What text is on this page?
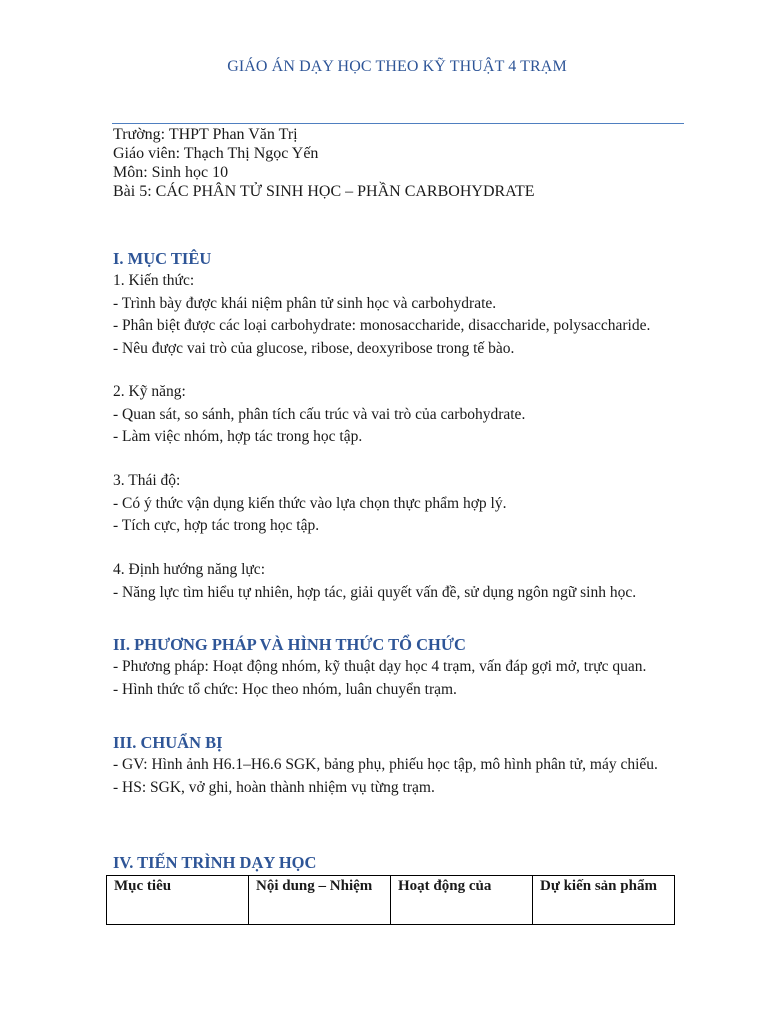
GIÁO ÁN DẠY HỌC THEO KỸ THUẬT 4 TRẠM
Trường: THPT Phan Văn Trị
Giáo viên: Thạch Thị Ngọc Yến
Môn: Sinh học 10
Bài 5: CÁC PHÂN TỬ SINH HỌC – PHẦN CARBOHYDRATE
I. MỤC TIÊU
1. Kiến thức:
- Trình bày được khái niệm phân tử sinh học và carbohydrate.
- Phân biệt được các loại carbohydrate: monosaccharide, disaccharide, polysaccharide.
- Nêu được vai trò của glucose, ribose, deoxyribose trong tế bào.
2. Kỹ năng:
- Quan sát, so sánh, phân tích cấu trúc và vai trò của carbohydrate.
- Làm việc nhóm, hợp tác trong học tập.
3. Thái độ:
- Có ý thức vận dụng kiến thức vào lựa chọn thực phẩm hợp lý.
- Tích cực, hợp tác trong học tập.
4. Định hướng năng lực:
- Năng lực tìm hiểu tự nhiên, hợp tác, giải quyết vấn đề, sử dụng ngôn ngữ sinh học.
II. PHƯƠNG PHÁP VÀ HÌNH THỨC TỔ CHỨC
- Phương pháp: Hoạt động nhóm, kỹ thuật dạy học 4 trạm, vấn đáp gợi mở, trực quan.
- Hình thức tổ chức: Học theo nhóm, luân chuyển trạm.
III. CHUẨN BỊ
- GV: Hình ảnh H6.1–H6.6 SGK, bảng phụ, phiếu học tập, mô hình phân tử, máy chiếu.
- HS: SGK, vở ghi, hoàn thành nhiệm vụ từng trạm.
IV. TIẾN TRÌNH DẠY HỌC
Mục tiêu	Nội dung – Nhiệm	Hoạt động của	Dự kiến sản phẩm
